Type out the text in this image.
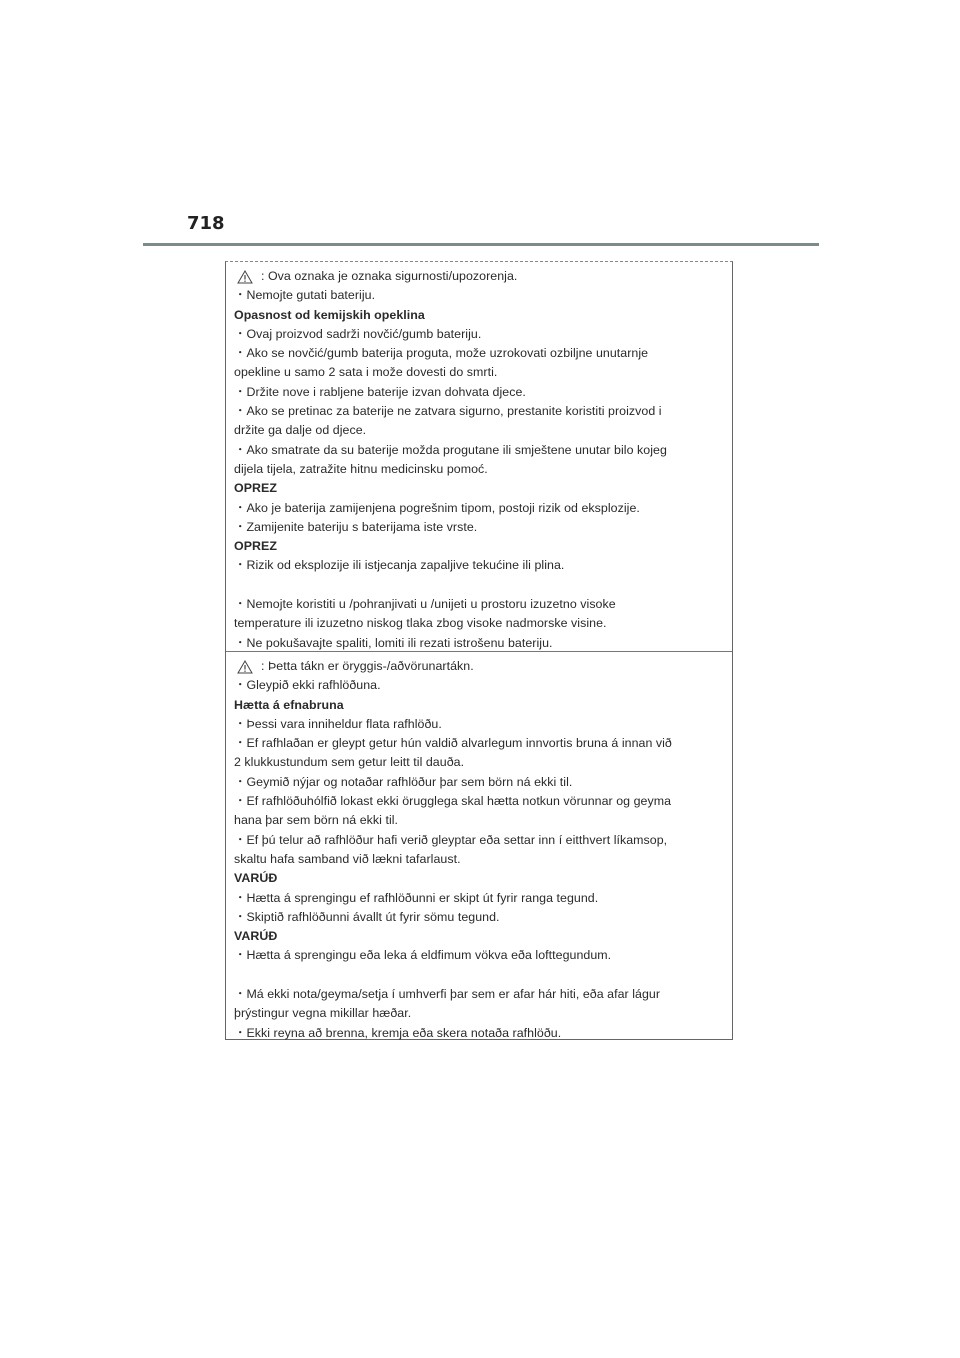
718
: Ova oznaka je oznaka sigurnosti/upozorenja.
・Nemojte gutati bateriju.
Opasnost od kemijskih opeklina
・Ovaj proizvod sadrži novčić/gumb bateriju.
・Ako se novčić/gumb baterija proguta, može uzrokovati ozbiljne unutarnje
opekline u samo 2 sata i može dovesti do smrti.
・Držite nove i rabljene baterije izvan dohvata djece.
・Ako se pretinac za baterije ne zatvara sigurno, prestanite koristiti proizvod i
držite ga dalje od djece.
・Ako smatrate da su baterije možda progutane ili smještene unutar bilo kojeg
dijela tijela, zatražite hitnu medicinsku pomoć.
OPREZ
・Ako je baterija zamijenjena pogrešnim tipom, postoji rizik od eksplozije.
・Zamijenite bateriju s baterijama iste vrste.
OPREZ
・Rizik od eksplozije ili istjecanja zapaljive tekućine ili plina.
・Nemojte koristiti u /pohranjivati u /unijeti u prostoru izuzetno visoke
temperature ili izuzetno niskog tlaka zbog visoke nadmorske visine.
・Ne pokušavajte spaliti, lomiti ili rezati istrošenu bateriju.
: Þetta tákn er öryggis-/aðvörunartákn.
・Gleypið ekki rafhlöðuna.
Hætta á efnabruna
・Þessi vara inniheldur flata rafhlöðu.
・Ef rafhlaðan er gleypt getur hún valdið alvarlegum innvortis bruna á innan við
2 klukkustundum sem getur leitt til dauða.
・Geymið nýjar og notaðar rafhlöður þar sem börn ná ekki til.
・Ef rafhlöðuhólfið lokast ekki örugglega skal hætta notkun vörunnar og geyma
hana þar sem börn ná ekki til.
・Ef þú telur að rafhlöður hafi verið gleyptar eða settar inn í eitthvert líkamsop,
skaltu hafa samband við lækni tafarlaust.
VARÚÐ
・Hætta á sprengingu ef rafhlöðunni er skipt út fyrir ranga tegund.
・Skiptið rafhlöðunni ávallt út fyrir sömu tegund.
VARÚÐ
・Hætta á sprengingu eða leka á eldfimum vökva eða lofttegundum.
・Má ekki nota/geyma/setja í umhverfi þar sem er afar hár hiti, eða afar lágur
þrýstingur vegna mikillar hæðar.
・Ekki reyna að brenna, kremja eða skera notaða rafhlöðu.
